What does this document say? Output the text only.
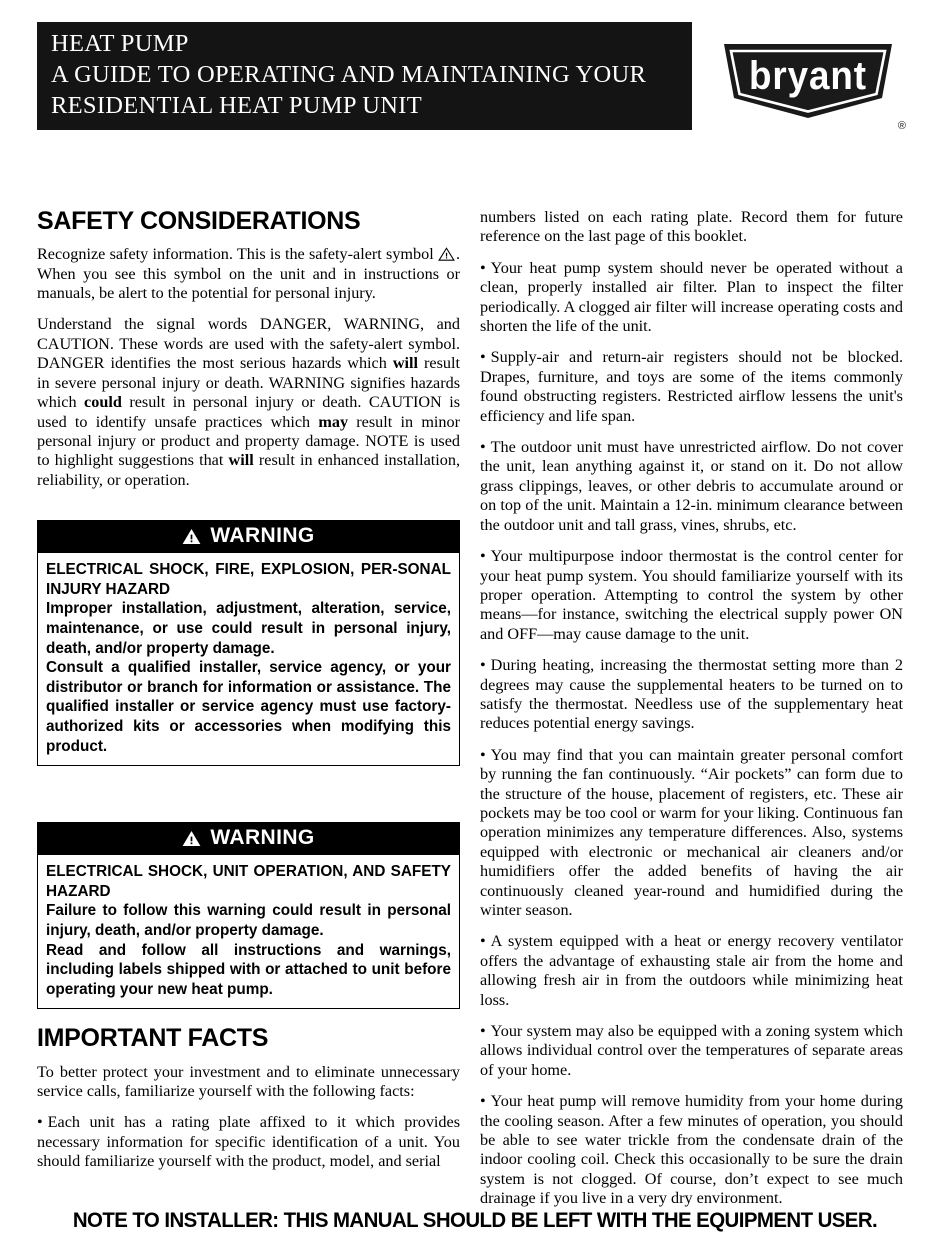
HEAT PUMP
A GUIDE TO OPERATING AND MAINTAINING YOUR
RESIDENTIAL HEAT PUMP UNIT
bryant
®
SAFETY CONSIDERATIONS

Recognize safety information. This is the safety-alert symbol . When you see this symbol on the unit and in instructions or manuals, be alert to the potential for personal injury.

Understand the signal words DANGER, WARNING, and CAUTION. These words are used with the safety-alert symbol. DANGER identifies the most serious hazards which will result in severe personal injury or death. WARNING signifies hazards which could result in personal injury or death. CAUTION is used to identify unsafe practices which may result in minor personal injury or product and property damage. NOTE is used to highlight suggestions that will result in enhanced installation, reliability, or operation.

WARNING

ELECTRICAL SHOCK, FIRE, EXPLOSION, PER-SONAL INJURY HAZARD

Improper installation, adjustment, alteration, service, maintenance, or use could result in personal injury, death, and/or property damage.

Consult a qualified installer, service agency, or your distributor or branch for information or assistance. The qualified installer or service agency must use factory-authorized kits or accessories when modifying this product.

WARNING

ELECTRICAL SHOCK, UNIT OPERATION, AND SAFETY HAZARD

Failure to follow this warning could result in personal injury, death, and/or property damage.

Read and follow all instructions and warnings, including labels shipped with or attached to unit before operating your new heat pump.

IMPORTANT FACTS

To better protect your investment and to eliminate unnecessary service calls, familiarize yourself with the following facts:

• Each unit has a rating plate affixed to it which provides necessary information for specific identification of a unit. You should familiarize yourself with the product, model, and serial

numbers listed on each rating plate. Record them for future reference on the last page of this booklet.

• Your heat pump system should never be operated without a clean, properly installed air filter. Plan to inspect the filter periodically. A clogged air filter will increase operating costs and shorten the life of the unit.
• Supply-air and return-air registers should not be blocked. Drapes, furniture, and toys are some of the items commonly found obstructing registers. Restricted airflow lessens the unit's efficiency and life span.
• The outdoor unit must have unrestricted airflow. Do not cover the unit, lean anything against it, or stand on it. Do not allow grass clippings, leaves, or other debris to accumulate around or on top of the unit. Maintain a 12-in. minimum clearance between the outdoor unit and tall grass, vines, shrubs, etc.
• Your multipurpose indoor thermostat is the control center for your heat pump system. You should familiarize yourself with its proper operation. Attempting to control the system by other means—for instance, switching the electrical supply power ON and OFF—may cause damage to the unit.
• During heating, increasing the thermostat setting more than 2 degrees may cause the supplemental heaters to be turned on to satisfy the thermostat. Needless use of the supplementary heat reduces potential energy savings.
• You may find that you can maintain greater personal comfort by running the fan continuously. “Air pockets” can form due to the structure of the house, placement of registers, etc. These air pockets may be too cool or warm for your liking. Continuous fan operation minimizes any temperature differences. Also, systems equipped with electronic or mechanical air cleaners and/or humidifiers offer the added benefits of having the air continuously cleaned year-round and humidified during the winter season.
• A system equipped with a heat or energy recovery ventilator offers the advantage of exhausting stale air from the home and allowing fresh air in from the outdoors while minimizing heat loss.
• Your system may also be equipped with a zoning system which allows individual control over the temperatures of separate areas of your home.
• Your heat pump will remove humidity from your home during the cooling season. After a few minutes of operation, you should be able to see water trickle from the condensate drain of the indoor cooling coil. Check this occasionally to be sure the drain system is not clogged. Of course, don’t expect to see much drainage if you live in a very dry environment.
NOTE TO INSTALLER: THIS MANUAL SHOULD BE LEFT WITH THE EQUIPMENT USER.
